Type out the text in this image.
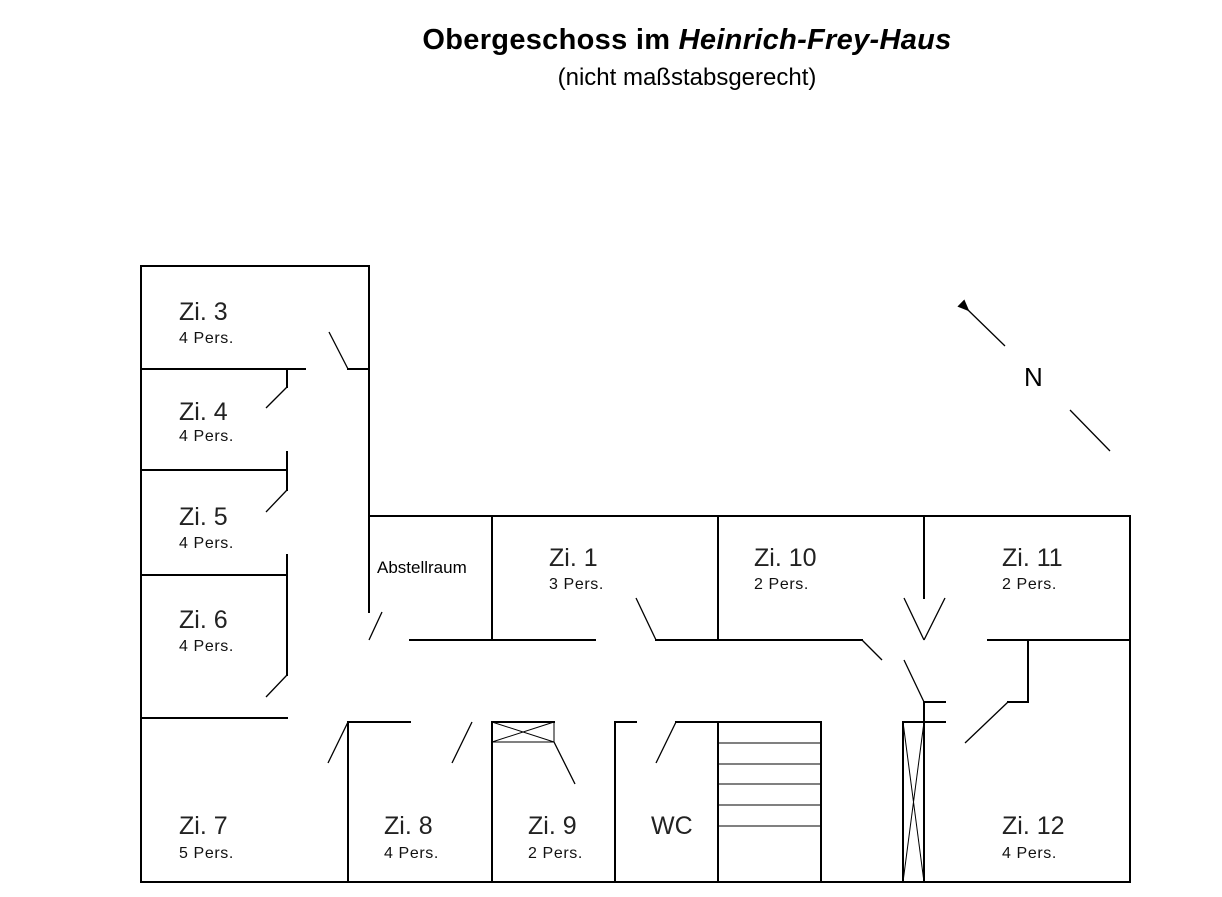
Obergeschoss im Heinrich-Frey-Haus
(nicht maßstabsgerecht)
N
Zi. 3
4 Pers.
Zi. 4
4 Pers.
Zi. 5
4 Pers.
Zi. 6
4 Pers.
Zi. 7
5 Pers.
Zi. 8
4 Pers.
Zi. 9
2 Pers.
WC
Zi. 1
3 Pers.
Zi. 10
2 Pers.
Zi. 11
2 Pers.
Zi. 12
4 Pers.
Abstellraum
